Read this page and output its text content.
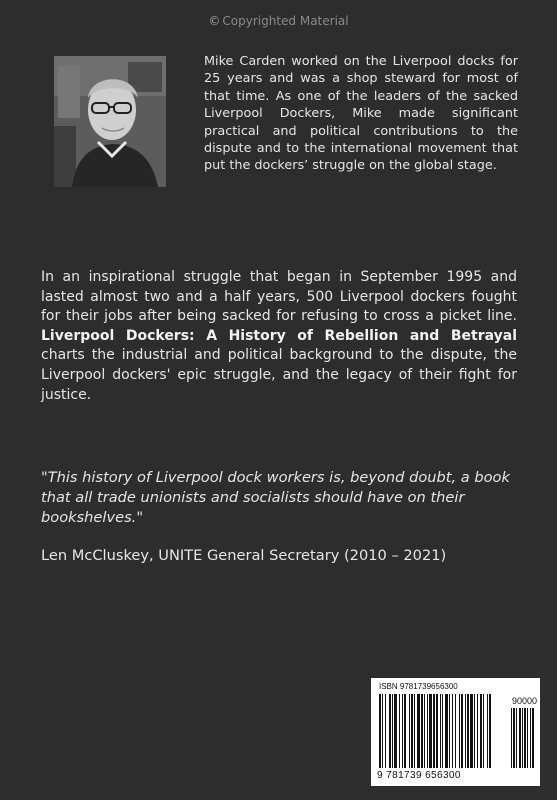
© Copyrighted Material

Mike Carden worked on the Liverpool docks for 25 years and was a shop steward for most of that time. As one of the leaders of the sacked Liverpool Dockers, Mike made significant practical and political contributions to the dispute and to the international movement that put the dockers’ struggle on the global stage.

In an inspirational struggle that began in September 1995 and lasted almost two and a half years, 500 Liverpool dockers fought for their jobs after being sacked for refusing to cross a picket line. Liverpool Dockers: A History of Rebellion and Betrayal charts the industrial and political background to the dispute, the Liverpool dockers' epic struggle, and the legacy of their fight for justice.

"This history of Liverpool dock workers is, beyond doubt, a book that all trade unionists and socialists should have on their bookshelves."

Len McCluskey, UNITE General Secretary (2010 – 2021)

ISBN 9781739656300
90000
9 781739 656300
